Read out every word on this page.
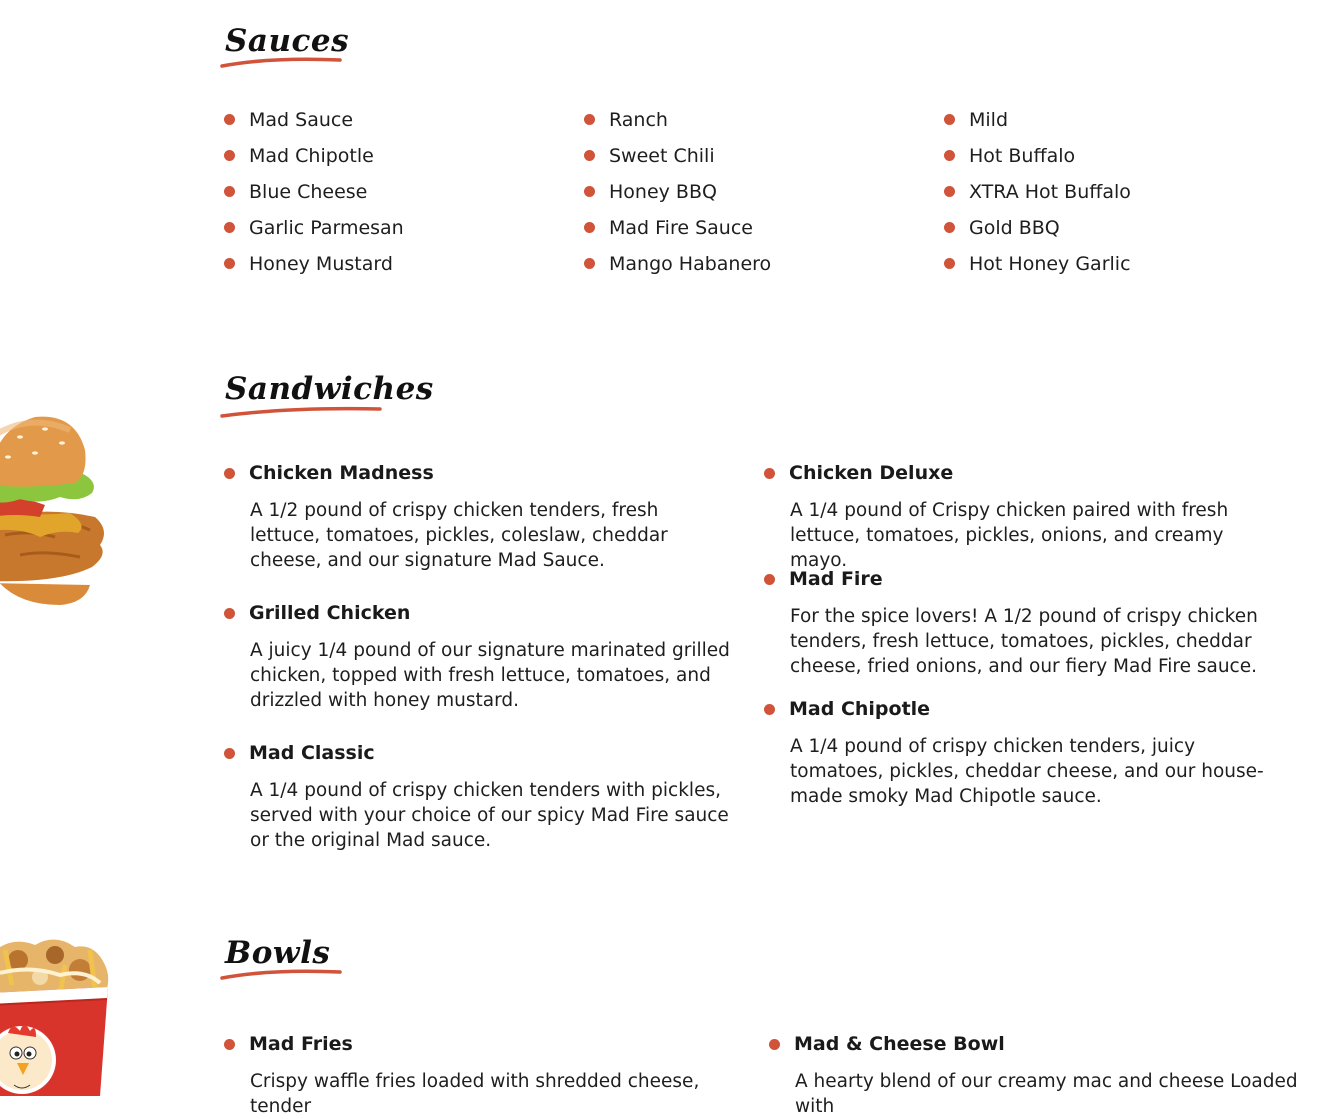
Sauces
Mad Sauce
Mad Chipotle
Blue Cheese
Garlic Parmesan
Honey Mustard
Ranch
Sweet Chili
Honey BBQ
Mad Fire Sauce
Mango Habanero
Mild
Hot Buffalo
XTRA Hot Buffalo
Gold BBQ
Hot Honey Garlic
Sandwiches

Chicken Madness

A 1/2 pound of crispy chicken tenders, fresh lettuce, tomatoes, pickles, coleslaw, cheddar cheese, and our signature Mad Sauce.

Grilled Chicken

A juicy 1/4 pound of our signature marinated grilled chicken, topped with fresh lettuce, tomatoes, and drizzled with honey mustard.

Mad Classic

A 1/4 pound of crispy chicken tenders with pickles, served with your choice of our spicy Mad Fire sauce or the original Mad sauce.

Chicken Deluxe

A 1/4 pound of Crispy chicken paired with fresh lettuce, tomatoes, pickles, onions, and creamy mayo.

Mad Fire

For the spice lovers! A 1/2 pound of crispy chicken tenders, fresh lettuce, tomatoes, pickles, cheddar cheese, fried onions, and our fiery Mad Fire sauce.

Mad Chipotle

A 1/4 pound of crispy chicken tenders, juicy tomatoes, pickles, cheddar cheese, and our house-made smoky Mad Chipotle sauce.

Bowls

Mad Fries

Crispy waffle fries loaded with shredded cheese, tender

Mad & Cheese Bowl

A hearty blend of our creamy mac and cheese Loaded with
